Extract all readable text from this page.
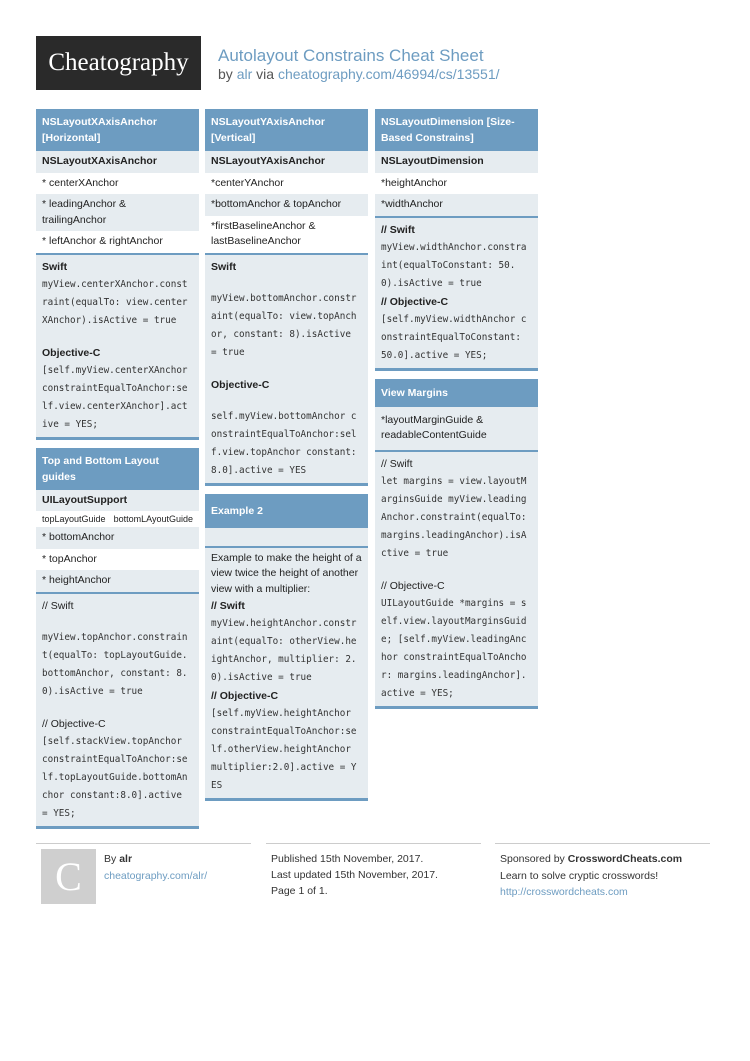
Cheatography Autolayout Constrains Cheat Sheet
by alr via cheatography.com/46994/cs/13551/
NSLayoutXAxisAnchor [Horizontal]
NSLayoutXAxisAnchor
* centerXAnchor
* leadingAnchor & trailingAnchor
* leftAnchor & rightAnchor
Swift
myView.centerXAnchor.constraint(equalTo: view.centerXAnchor).isActive = true
Objective-C
[self.myView.centerXAnchor constraintEqualToAnchor:self.view.centerXAnchor].active = YES;
Top and Bottom Layout guides
UILayoutSupport
topLayoutGuide bottomLAyoutGuide
* bottomAnchor
* topAnchor
* heightAnchor
// Swift
myView.topAnchor.constraint(equalTo: topLayoutGuide.bottomAnchor, constant: 8.0).isActive = true
// Objective-C
[self.stackView.topAnchor constraintEqualToAnchor:self.topLayoutGuide.bottomAnchor constant:8.0].active = YES;
NSLayoutYAxisAnchor [Vertical]
NSLayoutYAxisAnchor
*centerYAnchor
*bottomAnchor & topAnchor
*firstBaselineAnchor & lastBaselineAnchor
Swift
myView.bottomAnchor.constraint(equalTo: view.topAnchor, constant: 8).isActive = true
Objective-C
self.myView.bottomAnchor constraintEqualToAnchor:self.view.topAnchor constant:8.0].active = YES
Example 2
Example to make the height of a view twice the height of another view with a multiplier:
// Swift
myView.heightAnchor.constraint(equalTo: otherView.heightAnchor, multiplier: 2.0).isActive = true
// Objective-C
[self.myView.heightAnchor constraintEqualToAnchor:self.otherView.heightAnchor multiplier:2.0].active = YES
NSLayoutDimension [Size-Based Constrains]
NSLayoutDimension
*heightAnchor
*widthAnchor
// Swift
myView.widthAnchor.constraint(equalToConstant: 50.0).isActive = true
// Objective-C
[self.myView.widthAnchor constraintEqualToConstant: 50.0].active = YES;
View Margins
*layoutMarginGuide & readableContentGuide
// Swift
let margins = view.layoutMarginsGuide myView.leadingAnchor.constraint(equalTo: margins.leadingAnchor).isActive = true
// Objective-C
UILayoutGuide *margins = self.view.layoutMarginsGuide; [self.myView.leadingAnchor constraintEqualToAnchor: margins.leadingAnchor].active = YES;
C By alr
cheatography.com/alr/
Published 15th November, 2017.
Last updated 15th November, 2017.
Page 1 of 1.
Sponsored by CrosswordCheats.com
Learn to solve cryptic crosswords!
http://crosswordcheats.com
